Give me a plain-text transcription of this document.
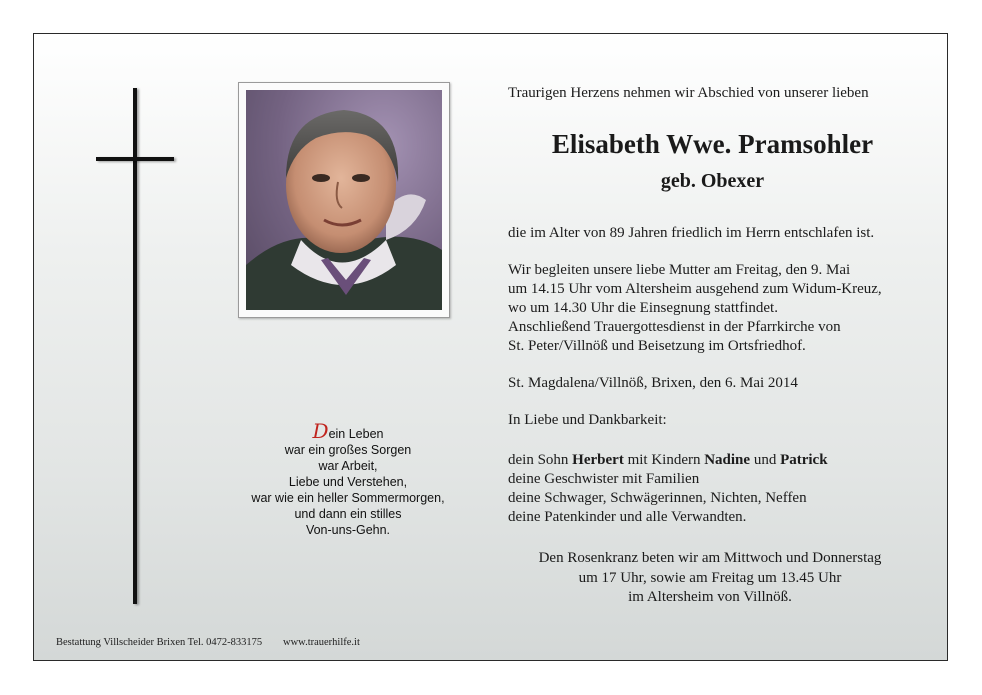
Dein Leben
war ein großes Sorgen
war Arbeit,
Liebe und Verstehen,
war wie ein heller Sommermorgen,
und dann ein stilles
Von-uns-Gehn.
Traurigen Herzens nehmen wir Abschied von unserer lieben
Elisabeth Wwe. Pramsohler
geb. Obexer
die im Alter von 89 Jahren friedlich im Herrn entschlafen ist.
Wir begleiten unsere liebe Mutter am Freitag, den 9. Mai
um 14.15 Uhr vom Altersheim ausgehend zum Widum-Kreuz,
wo um 14.30 Uhr die Einsegnung stattfindet.
Anschließend Trauergottesdienst in der Pfarrkirche von
St. Peter/Villnöß und Beisetzung im Ortsfriedhof.
St. Magdalena/Villnöß, Brixen, den 6. Mai 2014
In Liebe und Dankbarkeit:
dein Sohn Herbert mit Kindern Nadine und Patrick
deine Geschwister mit Familien
deine Schwager, Schwägerinnen, Nichten, Neffen
deine Patenkinder und alle Verwandten.
Den Rosenkranz beten wir am Mittwoch und Donnerstag
um 17 Uhr, sowie am Freitag um 13.45 Uhr
im Altersheim von Villnöß.
Bestattung Villscheider Brixen Tel. 0472-833175 www.trauerhilfe.it
